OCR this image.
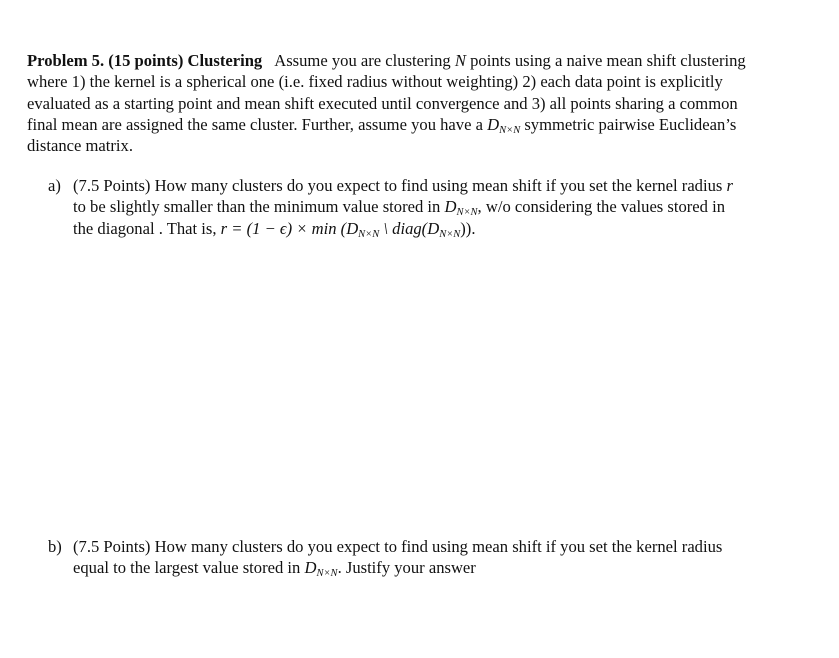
Problem 5. (15 points) Clustering Assume you are clustering N points using a naive mean shift clustering where 1) the kernel is a spherical one (i.e. fixed radius without weighting) 2) each data point is explicitly evaluated as a starting point and mean shift executed until convergence and 3) all points sharing a common final mean are assigned the same cluster. Further, assume you have a $D_{N\times N}$ symmetric pairwise Euclidean’s distance matrix.
a) (7.5 Points) How many clusters do you expect to find using mean shift if you set the kernel radius r to be slightly smaller than the minimum value stored in $D_{N\times N}$, w/o considering the values stored in the diagonal . That is, $r = (1 - \epsilon) \times \min (D_{N\times N}$ \ $diag(D_{N\times N})$).
b) (7.5 Points) How many clusters do you expect to find using mean shift if you set the kernel radius equal to the largest value stored in $D_{N\times N}$. Justify your answer
